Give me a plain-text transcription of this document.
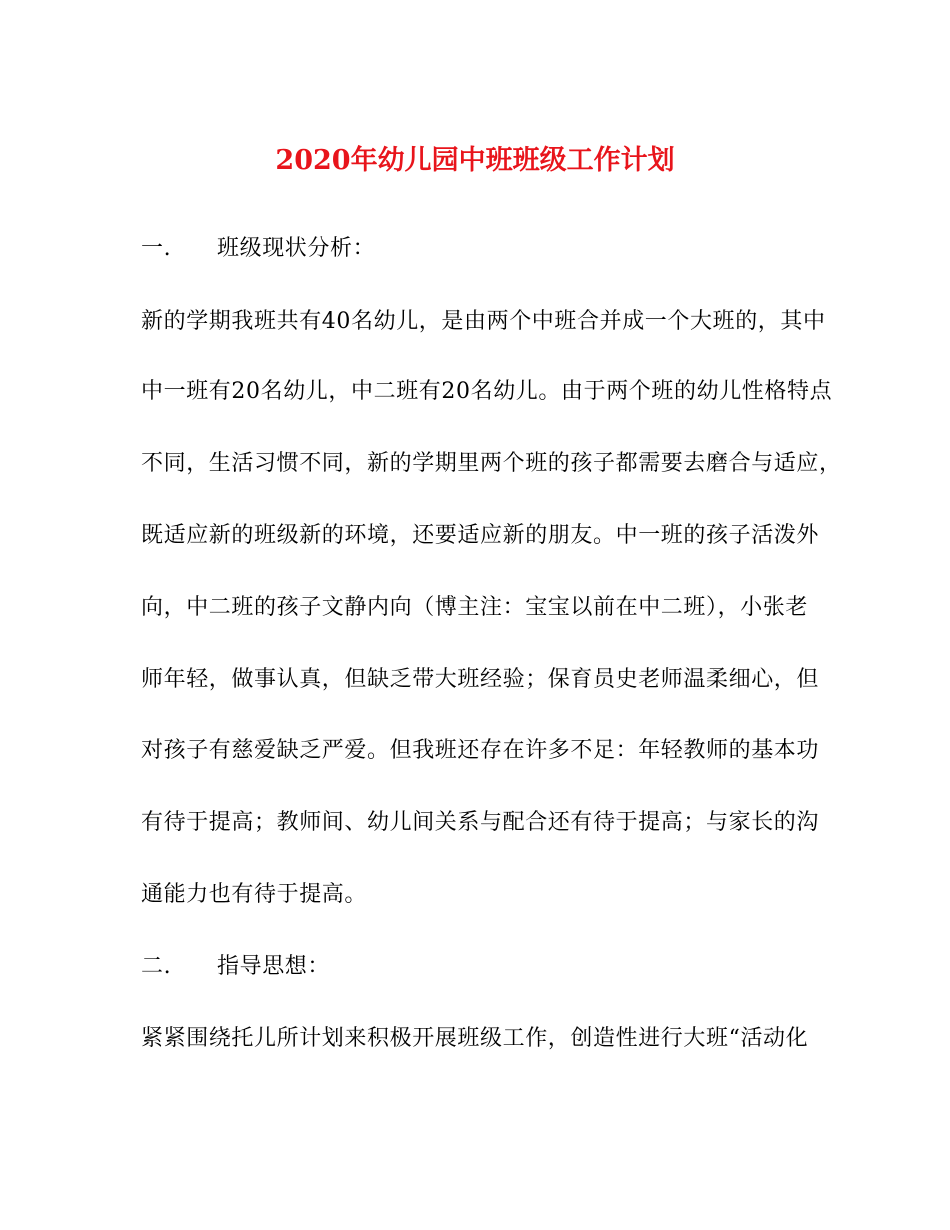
2020年幼儿园中班班级工作计划
一. 班级现状分析：
新的学期我班共有40名幼儿，是由两个中班合并成一个大班的，其中
中一班有20名幼儿，中二班有20名幼儿。由于两个班的幼儿性格特点
不同，生活习惯不同，新的学期里两个班的孩子都需要去磨合与适应，
既适应新的班级新的环境，还要适应新的朋友。中一班的孩子活泼外
向，中二班的孩子文静内向（博主注：宝宝以前在中二班），小张老
师年轻，做事认真，但缺乏带大班经验；保育员史老师温柔细心，但
对孩子有慈爱缺乏严爱。但我班还存在许多不足：年轻教师的基本功
有待于提高；教师间、幼儿间关系与配合还有待于提高；与家长的沟
通能力也有待于提高。
二. 指导思想：
紧紧围绕托儿所计划来积极开展班级工作，创造性进行大班“活动化
